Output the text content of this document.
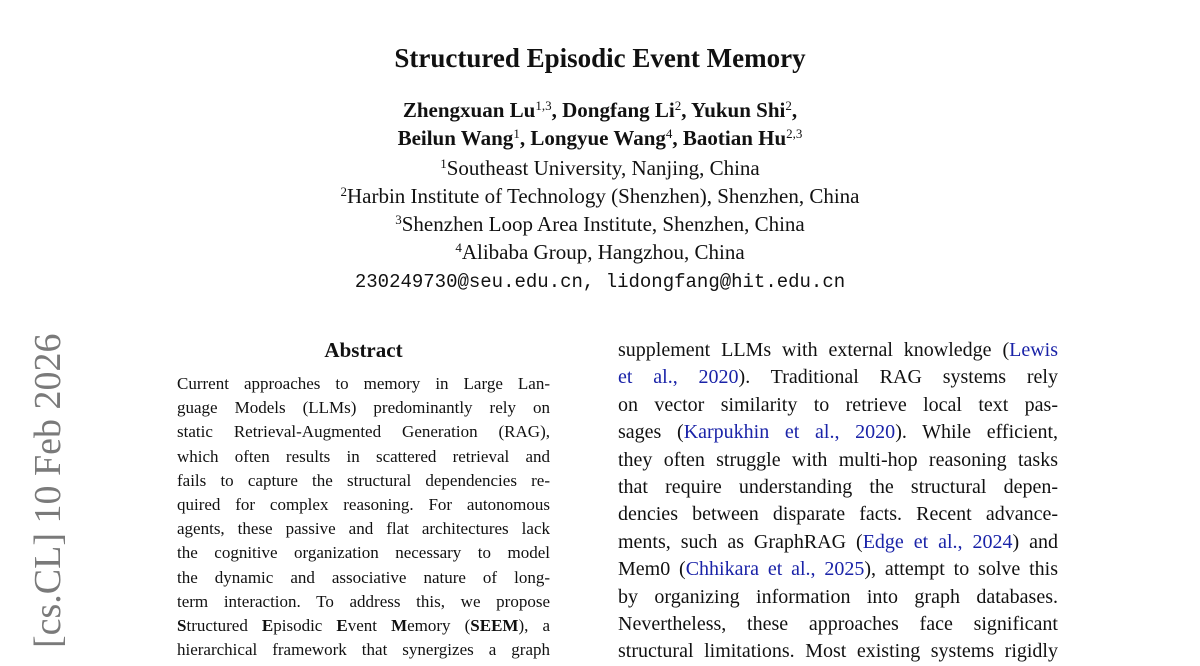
Structured Episodic Event Memory
Zhengxuan Lu$^{1,3}$, Dongfang Li$^2$, Yukun Shi$^2$,
Beilun Wang$^1$, Longyue Wang$^4$, Baotian Hu$^{2,3}$
$^1$Southeast University, Nanjing, China
$^2$Harbin Institute of Technology (Shenzhen), Shenzhen, China
$^3$Shenzhen Loop Area Institute, Shenzhen, China
$^4$Alibaba Group, Hangzhou, China
230249730@seu.edu.cn, lidongfang@hit.edu.cn
Abstract
Current approaches to memory in Large Lan-
guage Models (LLMs) predominantly rely on
static Retrieval-Augmented Generation (RAG),
which often results in scattered retrieval and
fails to capture the structural dependencies re-
quired for complex reasoning. For autonomous
agents, these passive and flat architectures lack
the cognitive organization necessary to model
the dynamic and associative nature of long-
term interaction. To address this, we propose
Structured Episodic Event Memory (SEEM), a
hierarchical framework that synergizes a graph
supplement LLMs with external knowledge (Lewis
et al., 2020). Traditional RAG systems rely
on vector similarity to retrieve local text pas-
sages (Karpukhin et al., 2020). While efficient,
they often struggle with multi-hop reasoning tasks
that require understanding the structural depen-
dencies between disparate facts. Recent advance-
ments, such as GraphRAG (Edge et al., 2024) and
Mem0 (Chhikara et al., 2025), attempt to solve this
by organizing information into graph databases.
Nevertheless, these approaches face significant
structural limitations. Most existing systems rigidly
[cs.CL] 10 Feb 2026
